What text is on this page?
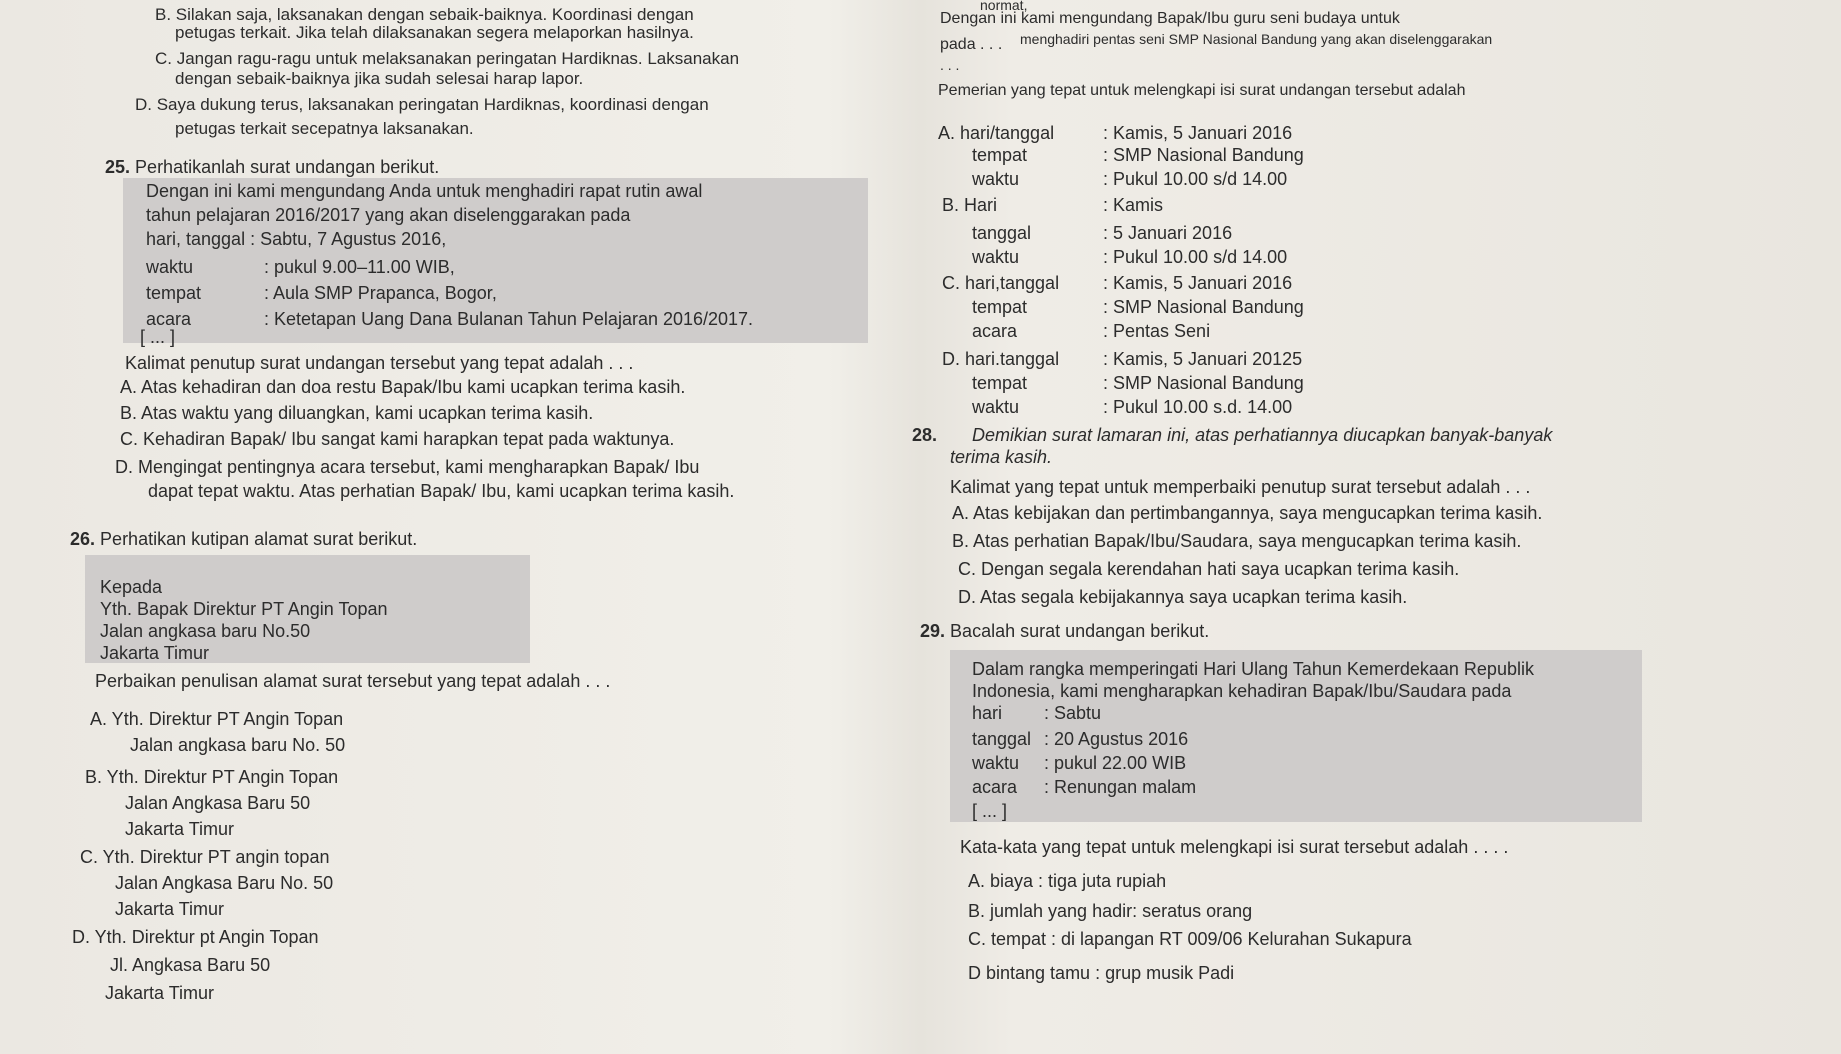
B. Silakan saja, laksanakan dengan sebaik-baiknya. Koordinasi dengan
petugas terkait. Jika telah dilaksanakan segera melaporkan hasilnya.
C. Jangan ragu-ragu untuk melaksanakan peringatan Hardiknas. Laksanakan
dengan sebaik-baiknya jika sudah selesai harap lapor.
D. Saya dukung terus, laksanakan peringatan Hardiknas, koordinasi dengan
petugas terkait secepatnya laksanakan.
25. Perhatikanlah surat undangan berikut.
Dengan ini kami mengundang Anda untuk menghadiri rapat rutin awal
tahun pelajaran 2016/2017 yang akan diselenggarakan pada
hari, tanggal : Sabtu, 7 Agustus 2016,
waktu	: pukul 9.00–11.00 WIB,
tempat	: Aula SMP Prapanca, Bogor,
acara	: Ketetapan Uang Dana Bulanan Tahun Pelajaran 2016/2017.
[ ... ]
Kalimat penutup surat undangan tersebut yang tepat adalah . . .
A. Atas kehadiran dan doa restu Bapak/Ibu kami ucapkan terima kasih.
B. Atas waktu yang diluangkan, kami ucapkan terima kasih.
C. Kehadiran Bapak/ Ibu sangat kami harapkan tepat pada waktunya.
D. Mengingat pentingnya acara tersebut, kami mengharapkan Bapak/ Ibu
dapat tepat waktu. Atas perhatian Bapak/ Ibu, kami ucapkan terima kasih.
26. Perhatikan kutipan alamat surat berikut.
Kepada
Yth. Bapak Direktur PT Angin Topan
Jalan angkasa baru No.50
Jakarta Timur
Perbaikan penulisan alamat surat tersebut yang tepat adalah . . .
A. Yth. Direktur PT Angin Topan
Jalan angkasa baru No. 50
B. Yth. Direktur PT Angin Topan
Jalan Angkasa Baru 50
Jakarta Timur
C. Yth. Direktur PT angin topan
Jalan Angkasa Baru No. 50
Jakarta Timur
D. Yth. Direktur pt Angin Topan
Jl. Angkasa Baru 50
Jakarta Timur
normat,
Dengan ini kami mengundang Bapak/Ibu guru seni budaya untuk
pada . . . menghadiri pentas seni SMP Nasional Bandung yang akan diselenggarakan
. . .
Pemerian yang tepat untuk melengkapi isi surat undangan tersebut adalah
A. hari/tanggal	: Kamis, 5 Januari 2016
tempat	: SMP Nasional Bandung
waktu	: Pukul 10.00 s/d 14.00
B. Hari	: Kamis
tanggal	: 5 Januari 2016
waktu	: Pukul 10.00 s/d 14.00
C. hari,tanggal : Kamis, 5 Januari 2016
tempat	: SMP Nasional Bandung
acara	: Pentas Seni
D. hari.tanggal : Kamis, 5 Januari 20125
tempat	: SMP Nasional Bandung
waktu	: Pukul 10.00 s.d. 14.00
28. Demikian surat lamaran ini, atas perhatiannya diucapkan banyak-banyak
terima kasih.
Kalimat yang tepat untuk memperbaiki penutup surat tersebut adalah . . .
A. Atas kebijakan dan pertimbangannya, saya mengucapkan terima kasih.
B. Atas perhatian Bapak/Ibu/Saudara, saya mengucapkan terima kasih.
C. Dengan segala kerendahan hati saya ucapkan terima kasih.
D. Atas segala kebijakannya saya ucapkan terima kasih.
29. Bacalah surat undangan berikut.
Dalam rangka memperingati Hari Ulang Tahun Kemerdekaan Republik
Indonesia, kami mengharapkan kehadiran Bapak/Ibu/Saudara pada
hari : Sabtu
tanggal : 20 Agustus 2016
waktu : pukul 22.00 WIB
acara : Renungan malam
[ ... ]
Kata-kata yang tepat untuk melengkapi isi surat tersebut adalah . . . .
A. biaya : tiga juta rupiah
B. jumlah yang hadir: seratus orang
C. tempat : di lapangan RT 009/06 Kelurahan Sukapura
D bintang tamu : grup musik Padi
